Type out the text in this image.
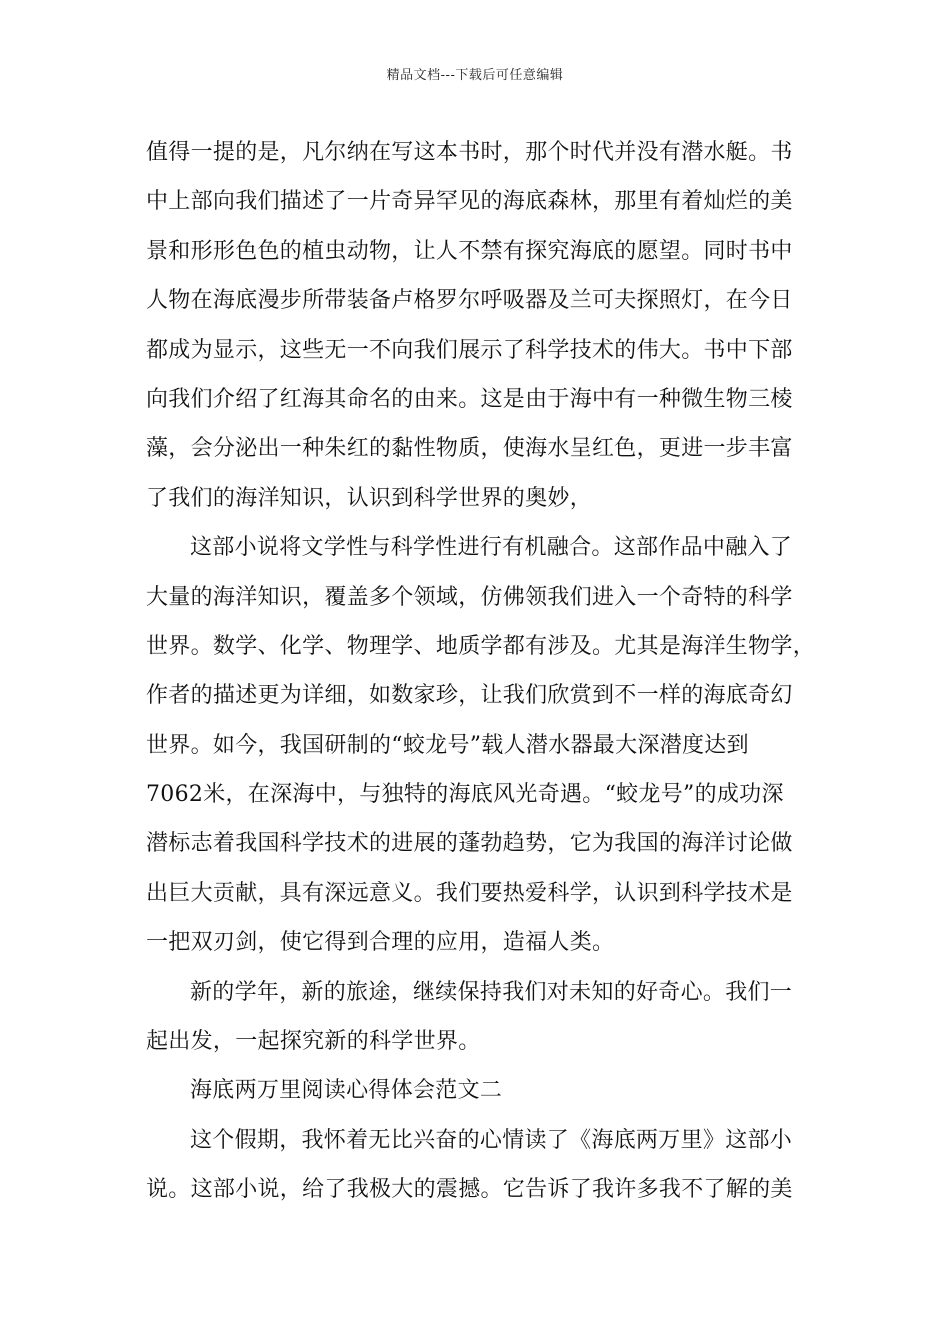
精品文档---下载后可任意编辑
值得一提的是，凡尔纳在写这本书时，那个时代并没有潜水艇。书
中上部向我们描述了一片奇异罕见的海底森林，那里有着灿烂的美
景和形形色色的植虫动物，让人不禁有探究海底的愿望。同时书中
人物在海底漫步所带装备卢格罗尔呼吸器及兰可夫探照灯，在今日
都成为显示，这些无一不向我们展示了科学技术的伟大。书中下部
向我们介绍了红海其命名的由来。这是由于海中有一种微生物三棱
藻，会分泌出一种朱红的黏性物质，使海水呈红色，更进一步丰富
了我们的海洋知识，认识到科学世界的奥妙，
这部小说将文学性与科学性进行有机融合。这部作品中融入了
大量的海洋知识，覆盖多个领域，仿佛领我们进入一个奇特的科学
世界。数学、化学、物理学、地质学都有涉及。尤其是海洋生物学，
作者的描述更为详细，如数家珍，让我们欣赏到不一样的海底奇幻
世界。如今，我国研制的“蛟龙号”载人潜水器最大深潜度达到
7062米，在深海中，与独特的海底风光奇遇。“蛟龙号”的成功深
潜标志着我国科学技术的进展的蓬勃趋势，它为我国的海洋讨论做
出巨大贡献，具有深远意义。我们要热爱科学，认识到科学技术是
一把双刃剑，使它得到合理的应用，造福人类。
新的学年，新的旅途，继续保持我们对未知的好奇心。我们一
起出发，一起探究新的科学世界。
海底两万里阅读心得体会范文二
这个假期，我怀着无比兴奋的心情读了《海底两万里》这部小
说。这部小说，给了我极大的震撼。它告诉了我许多我不了解的美
